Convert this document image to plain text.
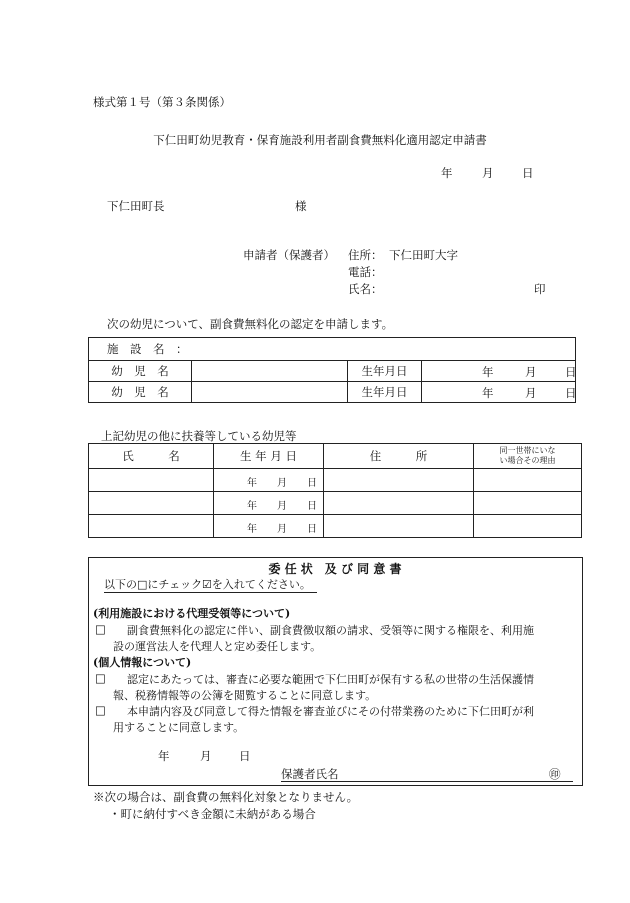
様式第１号（第３条関係）
下仁田町幼児教育・保育施設利用者副食費無料化適用認定申請書
年	月 日
下仁田町長	様
申請者（保護者） 住所： 下仁田町大字
電話：
氏名：	印
次の幼児について、副食費無料化の認定を申請します。
施　設　名　：			
幼　児　名		生年月日	年 月 日

幼　児　名		生年月日	年 月 日
上記幼児の他に扶養等している幼児等
氏　　　名	生 年 月 日	住　　　所	同一世帯にいな
い場合その理由

	年 月 日		

	年 月 日		

	年 月 日		

委 任 状　及 び 同 意 書
以下の□にチェック☑を入れてください。
(利用施設における代理受領等について)
□ 副食費無料化の認定に伴い、副食費徴収額の請求、受領等に関する権限を、利用施
設の運営法人を代理人と定め委任します。
(個人情報について)
□ 認定にあたっては、審査に必要な範囲で下仁田町が保有する私の世帯の生活保護情
報、税務情報等の公簿を閲覧することに同意します。
□ 本申請内容及び同意して得た情報を審査並びにその付帯業務のために下仁田町が利
用することに同意します。
年	月 日
保護者氏名	㊞
※次の場合は、副食費の無料化対象となりません。
・町に納付すべき金額に未納がある場合
